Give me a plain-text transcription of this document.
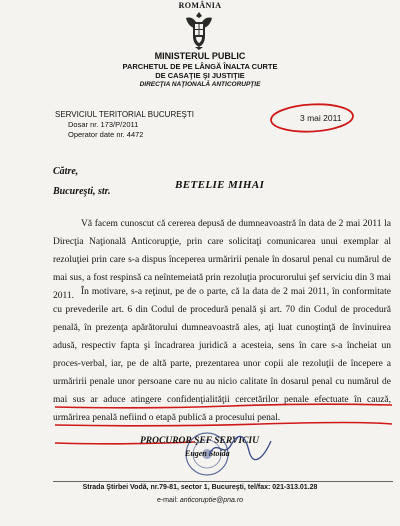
ROMÂNIA
MINISTERUL PUBLIC
PARCHETUL DE PE LÂNGĂ ÎNALTA CURTE
DE CASAŢIE ŞI JUSTIŢIE
DIRECŢIA NAŢIONALĂ ANTICORUPŢIE
SERVICIUL TERITORIAL BUCUREŞTI
Dosar nr. 173/P/2011
Operator date nr. 4472
3 mai 2011
Către,
BETELIE MIHAI
Bucureşti, str.

Vă facem cunoscut că cererea depusă de dumneavoastră în data de 2 mai 2011 la Direcţia Naţională Anticorupţie, prin care solicitaţi comunicarea unui exemplar al rezoluţiei prin care s-a dispus începerea urmăririi penale în dosarul penal cu numărul de mai sus, a fost respinsă ca neîntemeiată prin rezoluţia procurorului şef serviciu din 3 mai 2011. În motivare, s-a reţinut, pe de o parte, că la data de 2 mai 2011, în conformitate cu prevederile art. 6 din Codul de procedură penală şi art. 70 din Codul de procedură penală, în prezenţa apărătorului dumneavoastră ales, aţi luat cunoştinţă de învinuirea adusă, respectiv fapta şi încadrarea juridică a acesteia, sens în care s-a încheiat un proces-verbal, iar, pe de altă parte, prezentarea unor copii ale rezoluţii de începere a urmăririi penale unor persoane care nu au nicio calitate în dosarul penal cu numărul de mai sus ar aduce atingere confidenţialităţii cercetărilor penale efectuate în cauză, urmărirea penală nefiind o etapă publică a procesului penal.

PROCUROR ŞEF SERVICIU
Eugen Stoida
Strada Ştirbei Vodă, nr.79-81, sector 1, Bucureşti, tel/fax: 021-313.01.28
e-mail: anticoruptie@pna.ro
